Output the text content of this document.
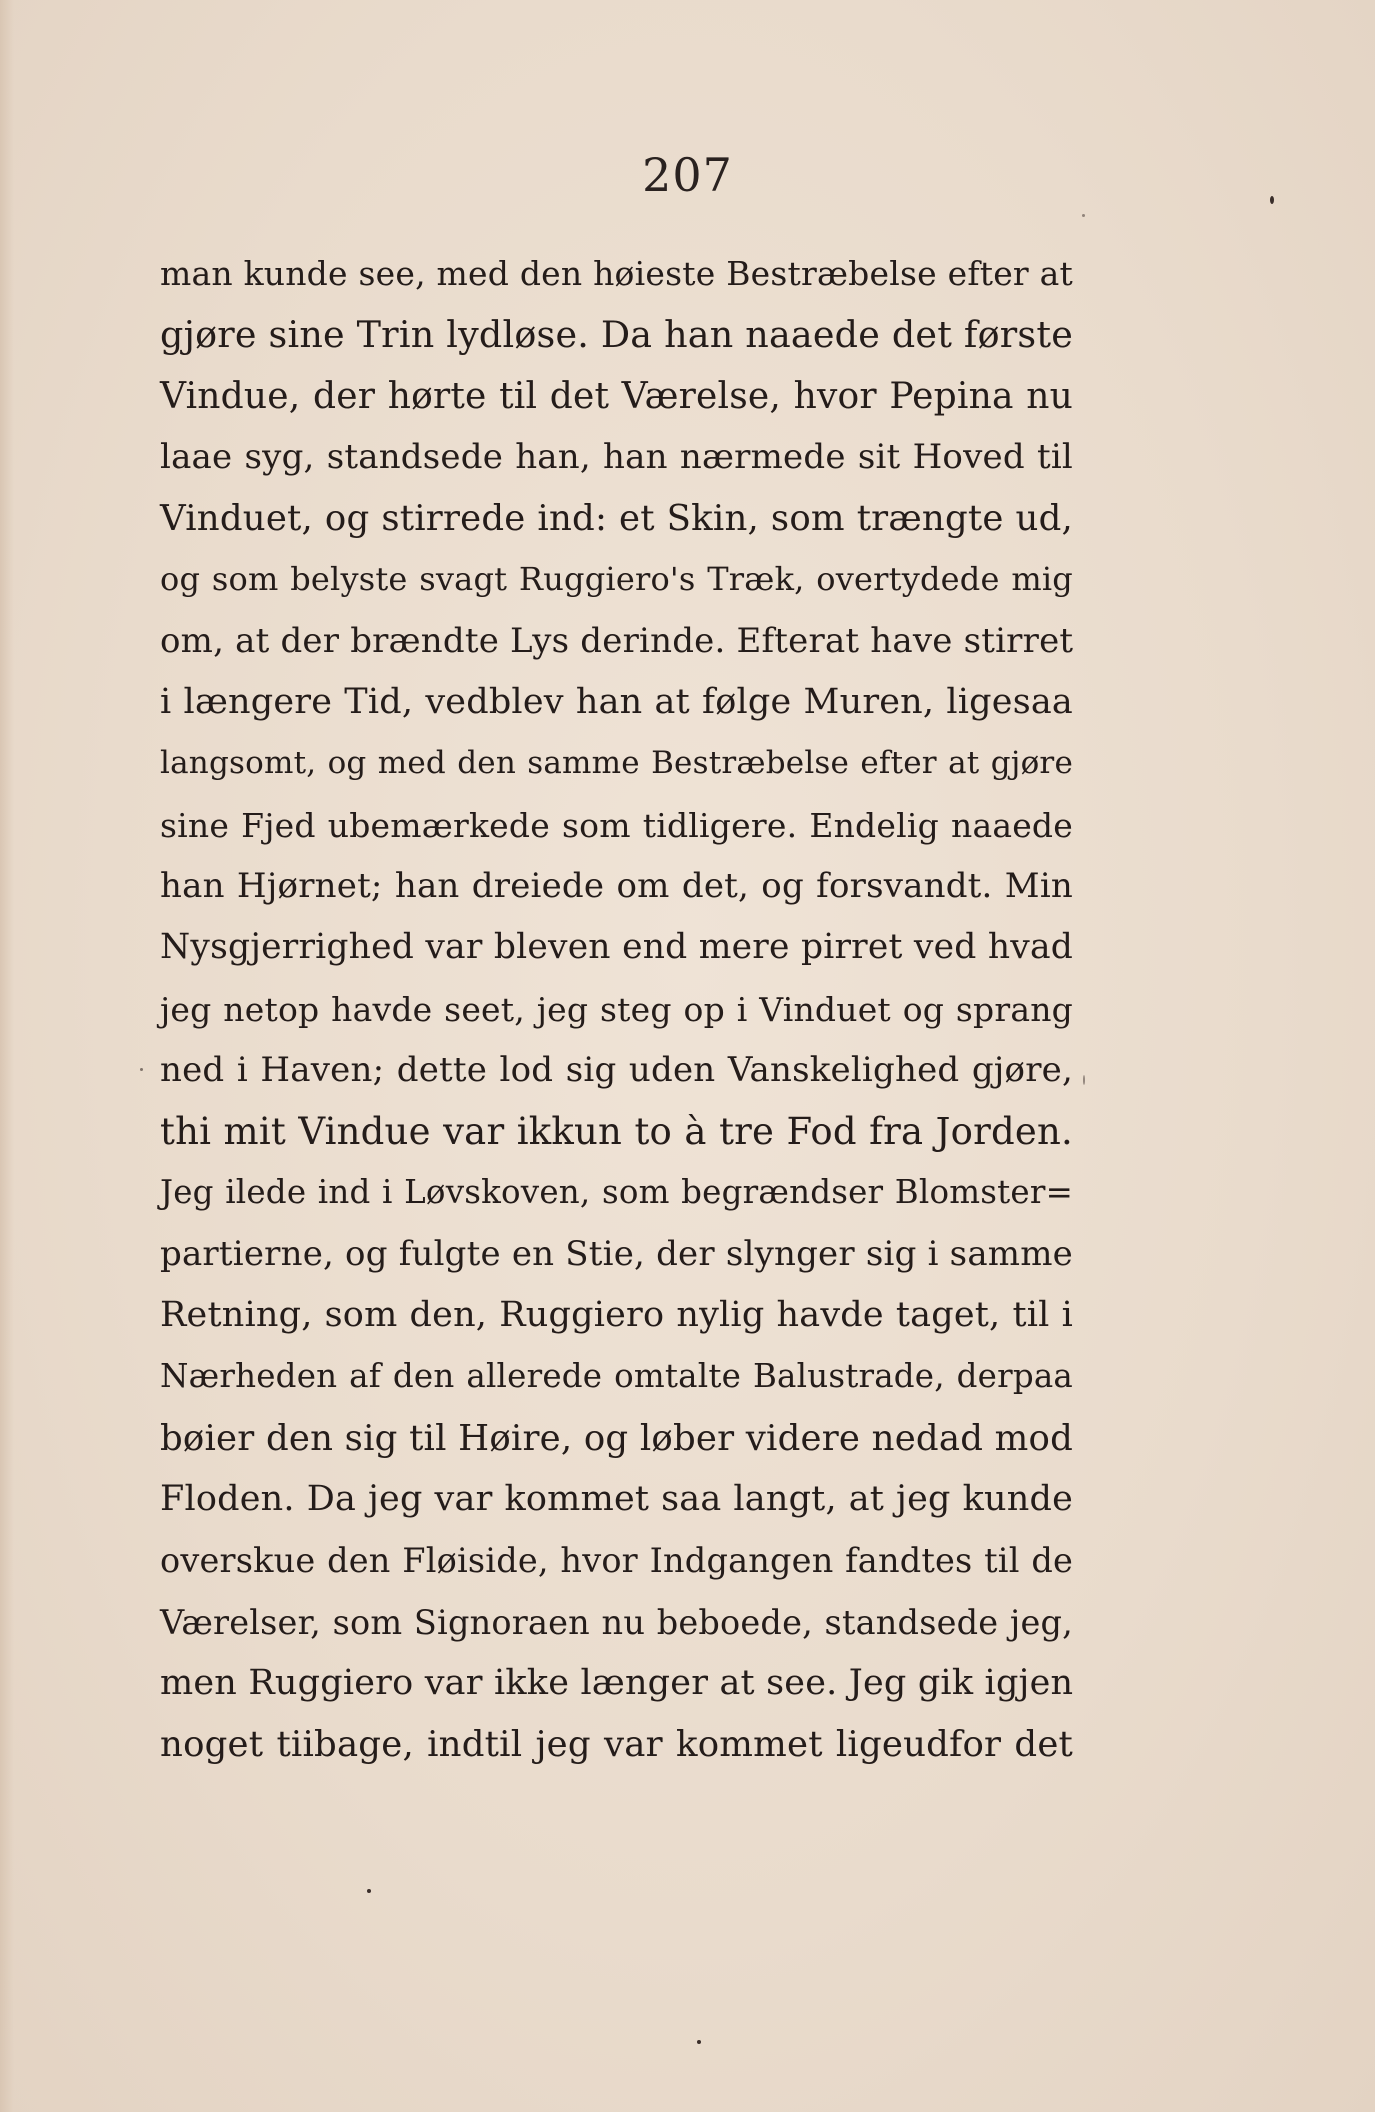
207
man kunde see, med den høieste Bestræbelse efter at
gjøre sine Trin lydløse. Da han naaede det første
Vindue, der hørte til det Værelse, hvor Pepina nu
laae syg, standsede han, han nærmede sit Hoved til
Vinduet, og stirrede ind: et Skin, som trængte ud,
og som belyste svagt Ruggiero's Træk, overtydede mig
om, at der brændte Lys derinde. Efterat have stirret
i længere Tid, vedblev han at følge Muren, ligesaa
langsomt, og med den samme Bestræbelse efter at gjøre
sine Fjed ubemærkede som tidligere. Endelig naaede
han Hjørnet; han dreiede om det, og forsvandt. Min
Nysgjerrighed var bleven end mere pirret ved hvad
jeg netop havde seet, jeg steg op i Vinduet og sprang
ned i Haven; dette lod sig uden Vanskelighed gjøre,
thi mit Vindue var ikkun to à tre Fod fra Jorden.
Jeg ilede ind i Løvskoven, som begrændser Blomster=
partierne, og fulgte en Stie, der slynger sig i samme
Retning, som den, Ruggiero nylig havde taget, til i
Nærheden af den allerede omtalte Balustrade, derpaa
bøier den sig til Høire, og løber videre nedad mod
Floden. Da jeg var kommet saa langt, at jeg kunde
overskue den Fløiside, hvor Indgangen fandtes til de
Værelser, som Signoraen nu beboede, standsede jeg,
men Ruggiero var ikke længer at see. Jeg gik igjen
noget tiibage, indtil jeg var kommet ligeudfor det
